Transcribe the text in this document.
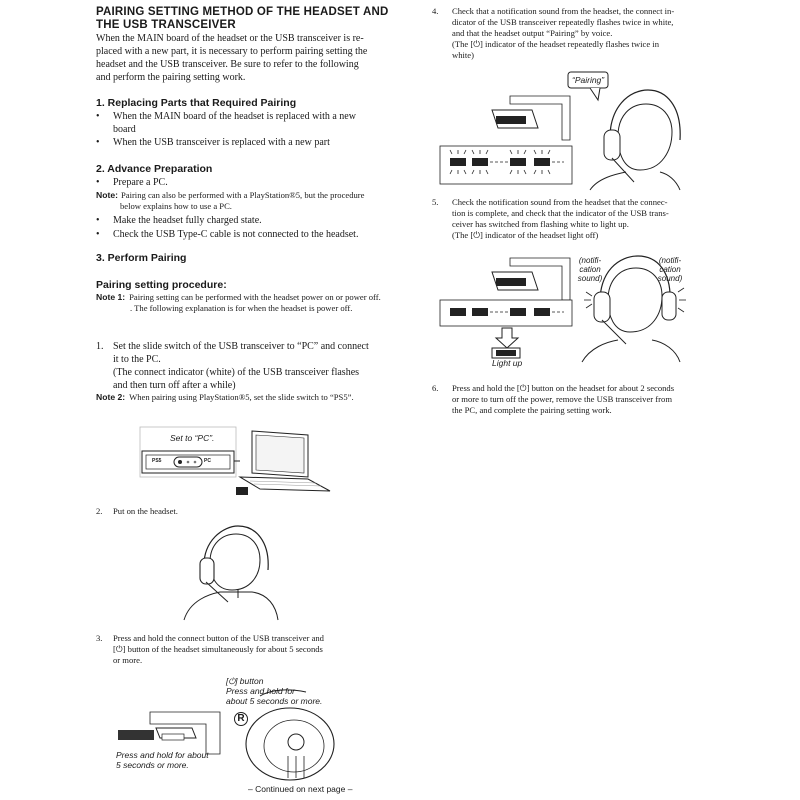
PAIRING SETTING METHOD OF THE HEADSET AND
THE USB TRANSCEIVER
When the MAIN board of the headset or the USB transceiver is re-
placed with a new part, it is necessary to perform pairing setting the
headset and the USB transceiver. Be sure to refer to the following
and perform the pairing setting work.
1. Replacing Parts that Required Pairing
•	When the MAIN board of the headset is replaced with a new
board
•	When the USB transceiver is replaced with a new part
2. Advance Preparation
•	Prepare a PC.
Note: Pairing can also be performed with a PlayStation®5, but the procedure
below explains how to use a PC.
•	Make the headset fully charged state.
•	Check the USB Type-C cable is not connected to the headset.
3. Perform Pairing
Pairing setting procedure:
Note 1: Pairing setting can be performed with the headset power on or power off.
. The following explanation is for when the headset is power off.
1. Set the slide switch of the USB transceiver to “PC” and connect
it to the PC.
(The connect indicator (white) of the USB transceiver flashes
and then turn off after a while)
Note 2: When pairing using PlayStation®5, set the slide switch to “PS5”.
Set to “PC”.
PS5	PC
2.	Put on the headset.
3.	Press and hold the connect button of the USB transceiver and
[⏻] button of the headset simultaneously for about 5 seconds
or more.
[⏻] button
Press and hold for
about 5 seconds or more.
R
Press and hold for about
5 seconds or more.
– Continued on next page –
4.	Check that a notification sound from the headset, the connect in-
dicator of the USB transceiver repeatedly flashes twice in white,
and that the headset output “Pairing” by voice.
(The [⏻] indicator of the headset repeatedly flashes twice in
white)
“Pairing”
5.	Check the notification sound from the headset that the connec-
tion is complete, and check that the indicator of the USB trans-
ceiver has switched from flashing white to light up.
(The [⏻] indicator of the headset light off)
(notifi-
cation
sound)
(notifi-
cation
sound)
Light up
6.	Press and hold the [⏻] button on the headset for about 2 seconds
or more to turn off the power, remove the USB transceiver from
the PC, and complete the pairing setting work.
